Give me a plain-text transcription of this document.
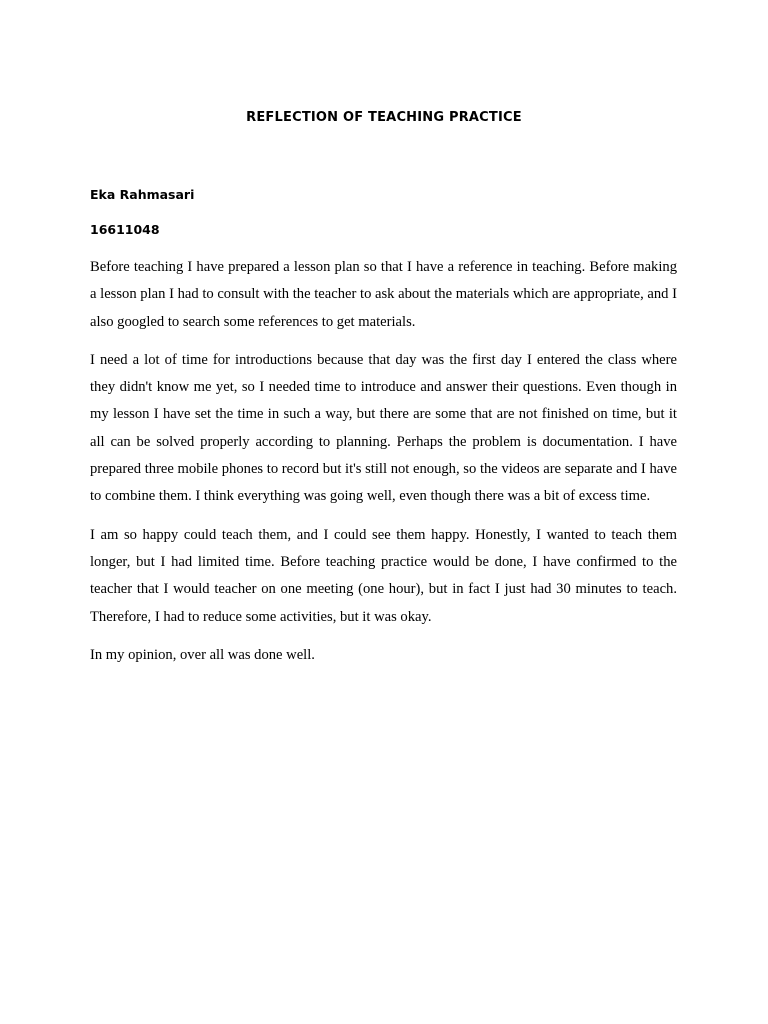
REFLECTION OF TEACHING PRACTICE

Eka Rahmasari

16611048

Before teaching I have prepared a lesson plan so that I have a reference in teaching. Before making a lesson plan I had to consult with the teacher to ask about the materials which are appropriate, and I also googled to search some references to get materials.

I need a lot of time for introductions because that day was the first day I entered the class where they didn't know me yet, so I needed time to introduce and answer their questions. Even though in my lesson I have set the time in such a way, but there are some that are not finished on time, but it all can be solved properly according to planning. Perhaps the problem is documentation. I have prepared three mobile phones to record but it's still not enough, so the videos are separate and I have to combine them. I think everything was going well, even though there was a bit of excess time.

I am so happy could teach them, and I could see them happy. Honestly, I wanted to teach them longer, but I had limited time. Before teaching practice would be done, I have confirmed to the teacher that I would teacher on one meeting (one hour), but in fact I just had 30 minutes to teach. Therefore, I had to reduce some activities, but it was okay.

In my opinion, over all was done well.
